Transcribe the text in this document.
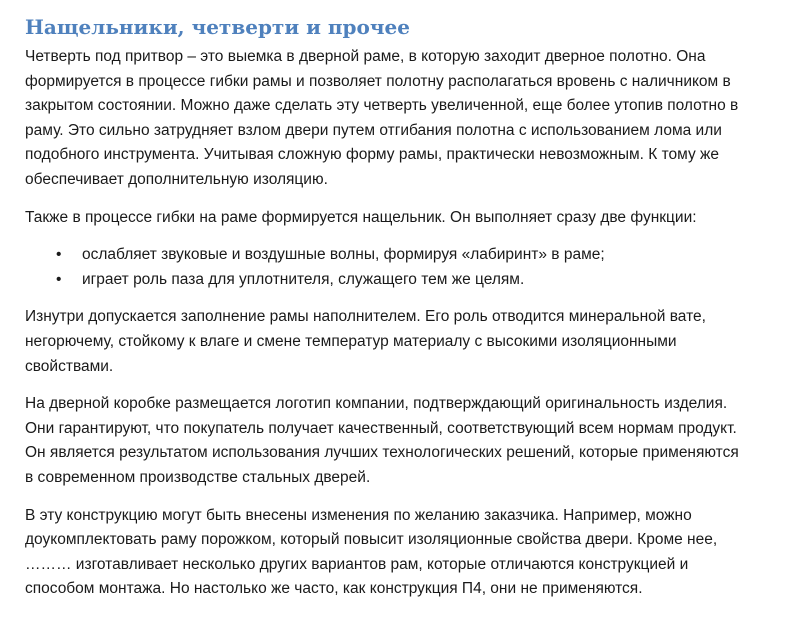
Нащельники, четверти и прочее

Четверть под притвор – это выемка в дверной раме, в которую заходит дверное полотно. Она
формируется в процессе гибки рамы и позволяет полотну располагаться вровень с наличником в
закрытом состоянии. Можно даже сделать эту четверть увеличенной, еще более утопив полотно в
раму. Это сильно затрудняет взлом двери путем отгибания полотна с использованием лома или
подобного инструмента. Учитывая сложную форму рамы, практически невозможным. К тому же
обеспечивает дополнительную изоляцию.

Также в процессе гибки на раме формируется нащельник. Он выполняет сразу две функции:

• ослабляет звуковые и воздушные волны, формируя «лабиринт» в раме;
• играет роль паза для уплотнителя, служащего тем же целям.

Изнутри допускается заполнение рамы наполнителем. Его роль отводится минеральной вате,
негорючему, стойкому к влаге и смене температур материалу с высокими изоляционными
свойствами.

На дверной коробке размещается логотип компании, подтверждающий оригинальность изделия.
Они гарантируют, что покупатель получает качественный, соответствующий всем нормам продукт.
Он является результатом использования лучших технологических решений, которые применяются
в современном производстве стальных дверей.

В эту конструкцию могут быть внесены изменения по желанию заказчика. Например, можно
доукомплектовать раму порожком, который повысит изоляционные свойства двери. Кроме нее,
……… изготавливает несколько других вариантов рам, которые отличаются конструкцией и
способом монтажа. Но настолько же часто, как конструкция П4, они не применяются.
